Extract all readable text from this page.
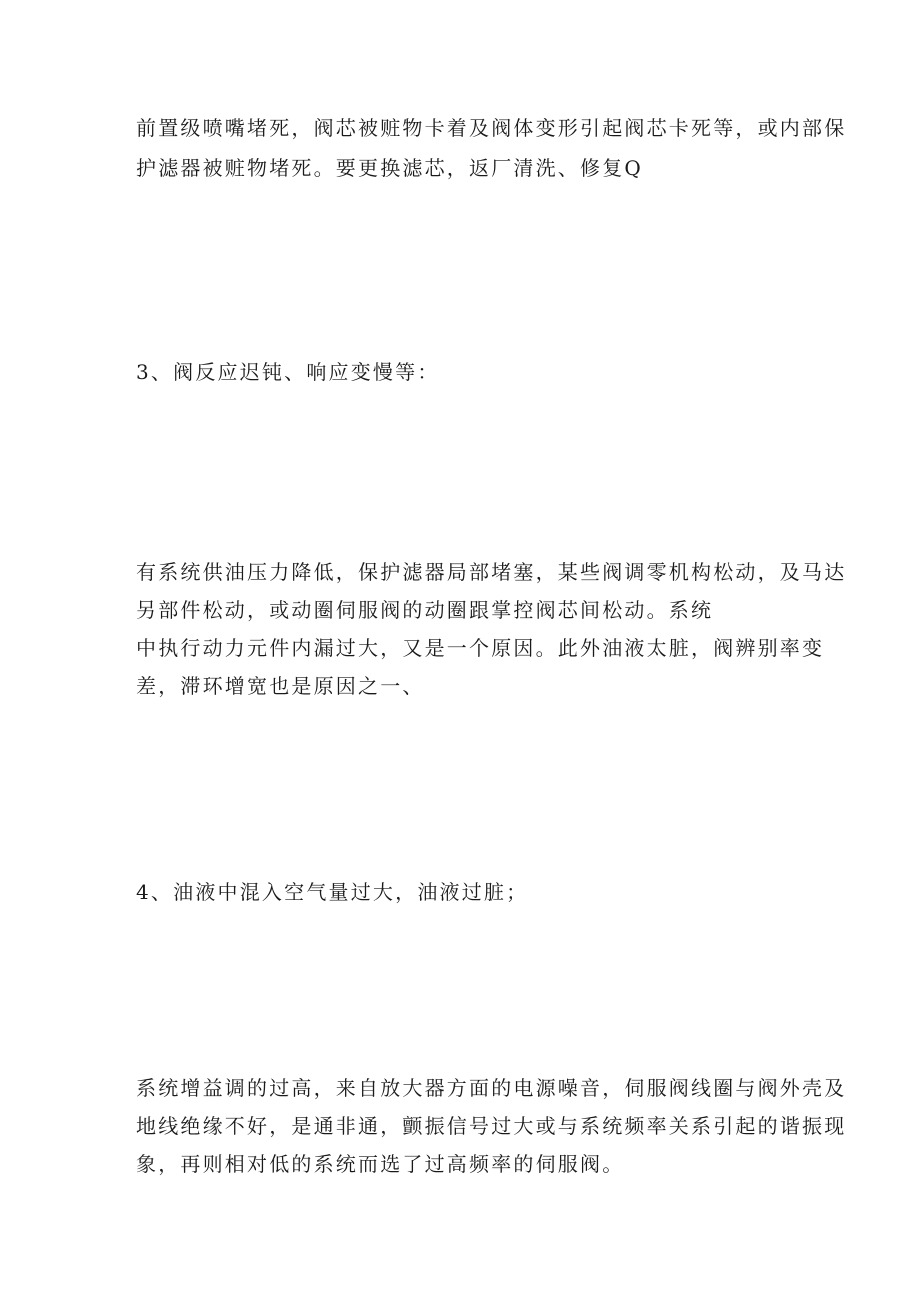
前置级喷嘴堵死，阀芯被赃物卡着及阀体变形引起阀芯卡死等，或内部保
护滤器被赃物堵死。要更换滤芯，返厂清洗、修复Q
3、阀反应迟钝、响应变慢等：
有系统供油压力降低，保护滤器局部堵塞，某些阀调零机构松动，及马达
另部件松动，或动圈伺服阀的动圈跟掌控阀芯间松动。系统
中执行动力元件内漏过大，又是一个原因。此外油液太脏，阀辨别率变
差，滞环增宽也是原因之一、
4、油液中混入空气量过大，油液过脏；
系统增益调的过高，来自放大器方面的电源噪音，伺服阀线圈与阀外壳及
地线绝缘不好，是通非通，颤振信号过大或与系统频率关系引起的谐振现
象，再则相对低的系统而选了过高频率的伺服阀。
